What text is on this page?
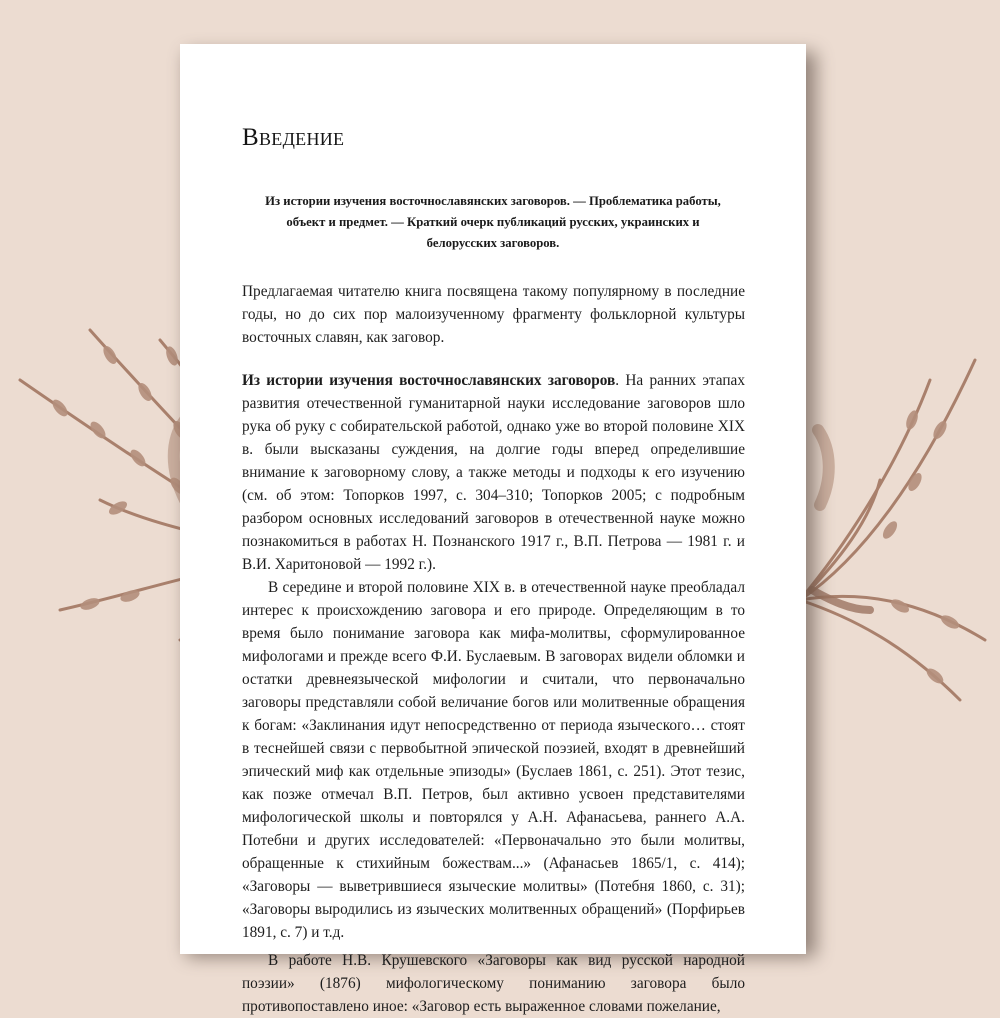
Введение
Из истории изучения восточнославянских заговоров. — Проблематика работы, объект и предмет. — Краткий очерк публикаций русских, украинских и белорусских заговоров.

Предлагаемая читателю книга посвящена такому популярному в последние годы, но до сих пор малоизученному фрагменту фольклорной культуры восточных славян, как заговор.

Из истории изучения восточнославянских заговоров. На ранних этапах развития отечественной гуманитарной науки исследование заговоров шло рука об руку с собирательской работой, однако уже во второй половине XIX в. были высказаны суждения, на долгие годы вперед определившие внимание к заговорному слову, а также методы и подходы к его изучению (см. об этом: Топорков 1997, с. 304–310; Топорков 2005; с подробным разбором основных исследований заговоров в отечественной науке можно познакомиться в работах Н. Познанского 1917 г., В.П. Петрова — 1981 г. и В.И. Харитоновой — 1992 г.).

В середине и второй половине XIX в. в отечественной науке преобладал интерес к происхождению заговора и его природе. Определяющим в то время было понимание заговора как мифа-молитвы, сформулированное мифологами и прежде всего Ф.И. Буслаевым. В заговорах видели обломки и остатки древнеязыческой мифологии и считали, что первоначально заговоры представляли собой величание богов или молитвенные обращения к богам: «Заклинания идут непосредственно от периода языческого… стоят в теснейшей связи с первобытной эпической поэзией, входят в древнейший эпический миф как отдельные эпизоды» (Буслаев 1861, с. 251). Этот тезис, как позже отмечал В.П. Петров, был активно усвоен представителями мифологической школы и повторялся у А.Н. Афанасьева, раннего А.А. Потебни и других исследователей: «Первоначально это были молитвы, обращенные к стихийным божествам...» (Афанасьев 1865/1, с. 414); «Заговоры — выветрившиеся языческие молитвы» (Потебня 1860, с. 31); «Заговоры выродились из языческих молитвенных обращений» (Порфирьев 1891, с. 7) и т.д.

В работе Н.В. Крушевского «Заговоры как вид русской народной поэзии» (1876) мифологическому пониманию заговора было противопоставлено иное: «Заговор есть выраженное словами пожелание,
